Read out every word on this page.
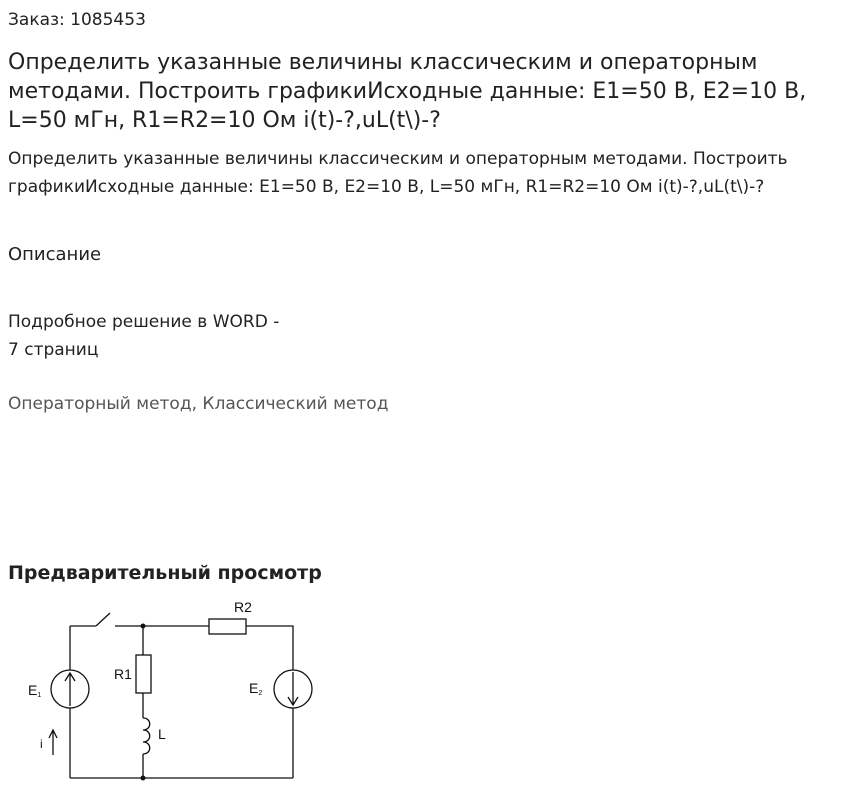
Заказ: 1085453
Определить указанные величины классическим и операторным методами. Построить графикиИсходные данные: E1=50 В, E2=10 В, L=50 мГн, R1=R2=10 Ом i(t)-?,uL(t\)-?

Определить указанные величины классическим и операторным методами. Построить графикиИсходные данные: E1=50 В, E2=10 В, L=50 мГн, R1=R2=10 Ом i(t)-?,uL(t\)-?

Описание
Подробное решение в WORD -
7 страниц
Операторный метод, Классический метод
Предварительный просмотр
R2
R1
L
E1	E2
i
